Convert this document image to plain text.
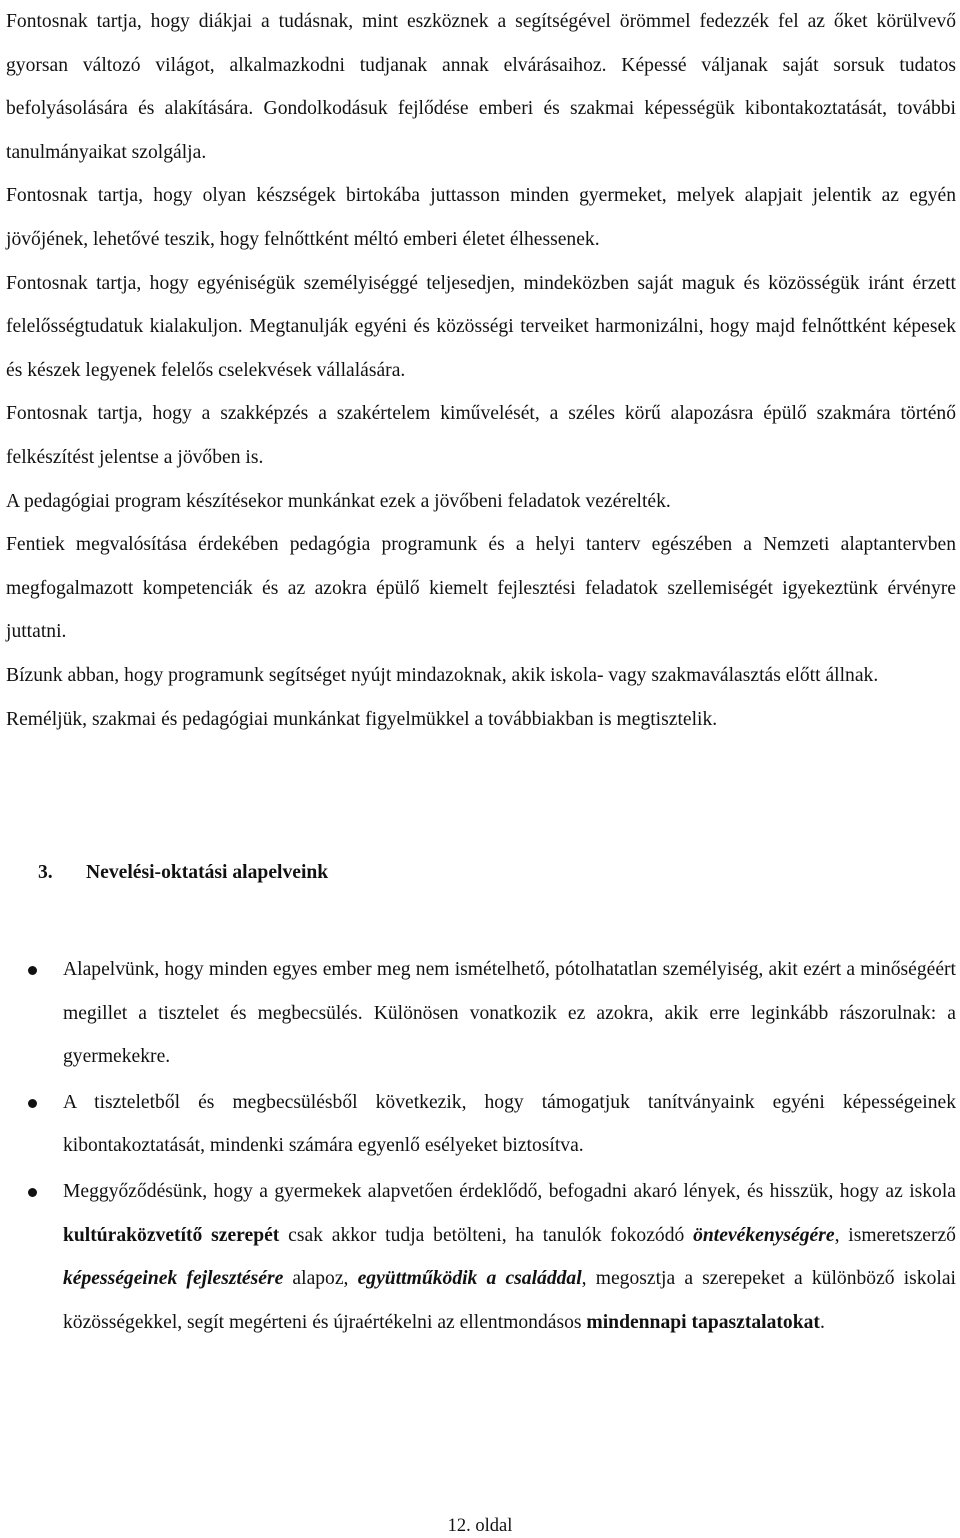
Fontosnak tartja, hogy diákjai a tudásnak, mint eszköznek a segítségével örömmel fedezzék fel az őket körülvevő gyorsan változó világot, alkalmazkodni tudjanak annak elvárásaihoz. Képessé váljanak saját sorsuk tudatos befolyásolására és alakítására. Gondolkodásuk fejlődése emberi és szakmai képességük kibontakoztatását, további tanulmányaikat szolgálja.

Fontosnak tartja, hogy olyan készségek birtokába juttasson minden gyermeket, melyek alapjait jelentik az egyén jövőjének, lehetővé teszik, hogy felnőttként méltó emberi életet élhessenek.

Fontosnak tartja, hogy egyéniségük személyiséggé teljesedjen, mindeközben saját maguk és közösségük iránt érzett felelősségtudatuk kialakuljon. Megtanulják egyéni és közösségi terveiket harmonizálni, hogy majd felnőttként képesek és készek legyenek felelős cselekvések vállalására.

Fontosnak tartja, hogy a szakképzés a szakértelem kiművelését, a széles körű alapozásra épülő szakmára történő felkészítést jelentse a jövőben is.

A pedagógiai program készítésekor munkánkat ezek a jövőbeni feladatok vezérelték.

Fentiek megvalósítása érdekében pedagógia programunk és a helyi tanterv egészében a Nemzeti alaptantervben megfogalmazott kompetenciák és az azokra épülő kiemelt fejlesztési feladatok szellemiségét igyekeztünk érvényre juttatni.

Bízunk abban, hogy programunk segítséget nyújt mindazoknak, akik iskola- vagy szakmaválasztás előtt állnak.

Reméljük, szakmai és pedagógiai munkánkat figyelmükkel a továbbiakban is megtisztelik.

3. Nevelési-oktatási alapelveink
Alapelvünk, hogy minden egyes ember meg nem ismételhető, pótolhatatlan személyiség, akit ezért a minőségéért megillet a tisztelet és megbecsülés. Különösen vonatkozik ez azokra, akik erre leginkább rászorulnak: a gyermekekre.
A tiszteletből és megbecsülésből következik, hogy támogatjuk tanítványaink egyéni képességeinek kibontakoztatását, mindenki számára egyenlő esélyeket biztosítva.
Meggyőződésünk, hogy a gyermekek alapvetően érdeklődő, befogadni akaró lények, és hisszük, hogy az iskola kultúraközvetítő szerepét csak akkor tudja betölteni, ha tanulók fokozódó öntevékenységére, ismeretszerző képességeinek fejlesztésére alapoz, együttműködik a családdal, megosztja a szerepeket a különböző iskolai közösségekkel, segít megérteni és újraértékelni az ellentmondásos mindennapi tapasztalatokat.
12. oldal
